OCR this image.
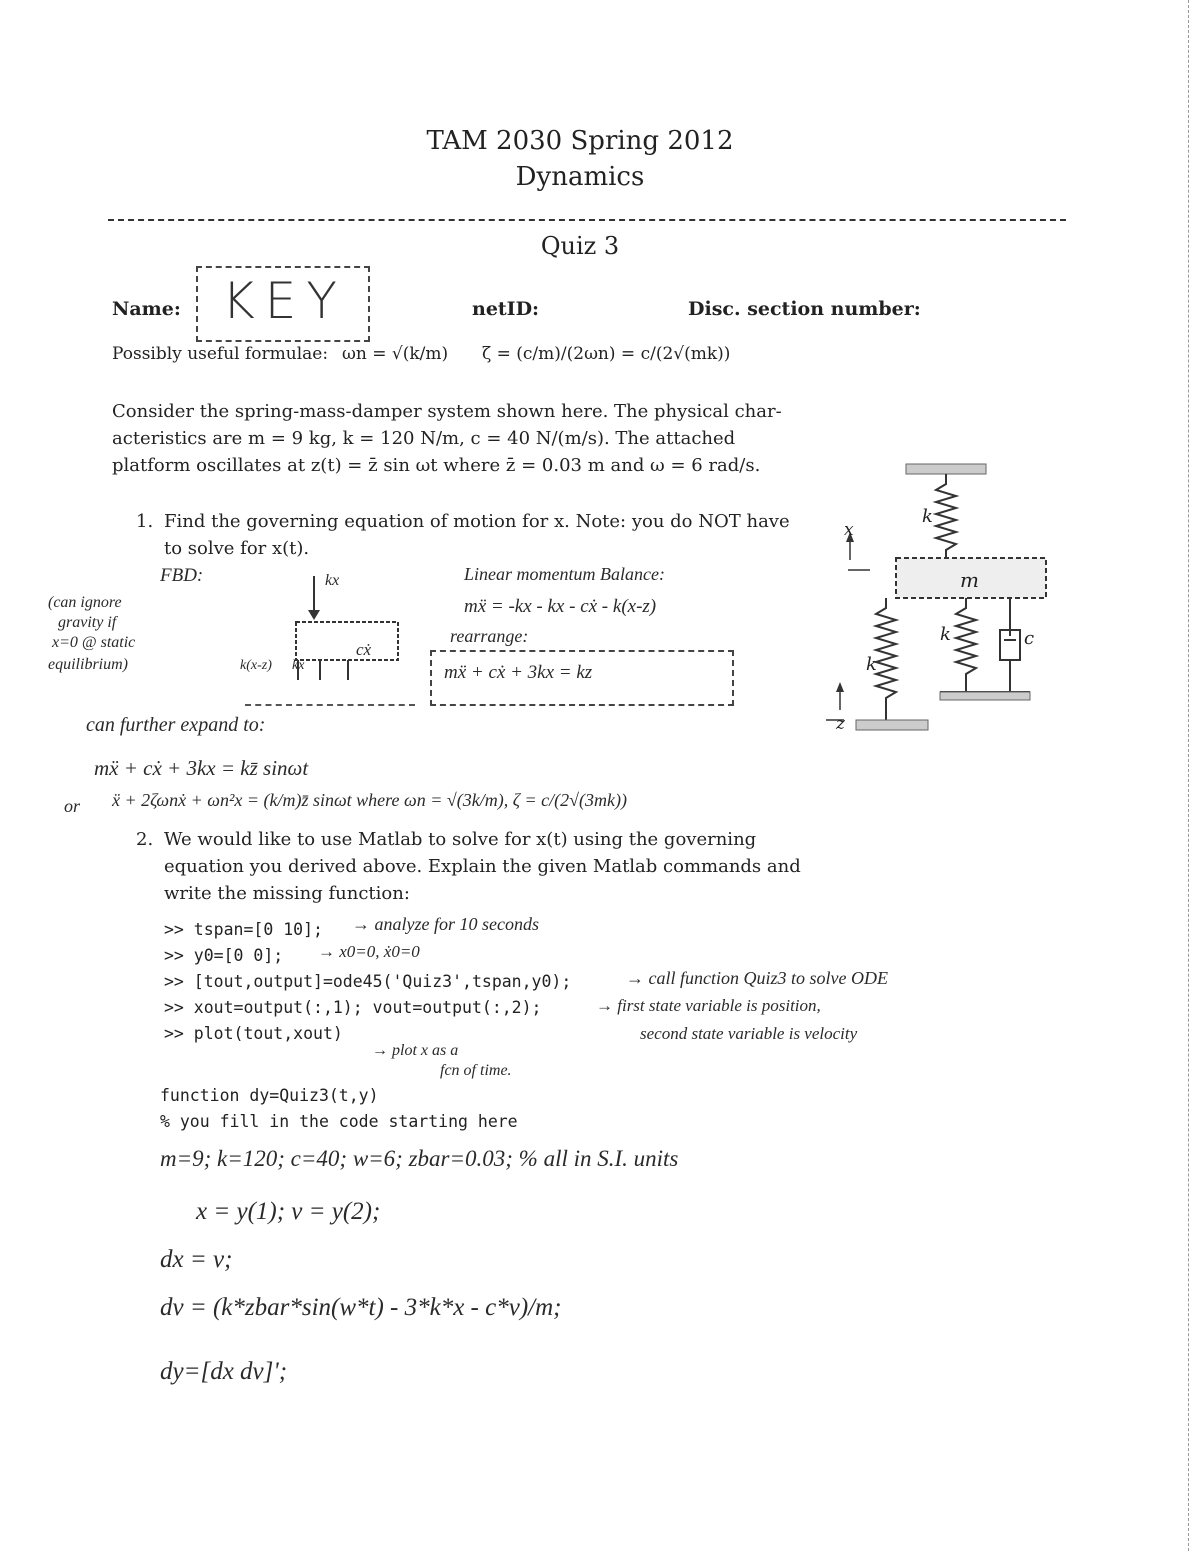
TAM 2030 Spring 2012
Dynamics
Quiz 3
Name: KEY	netID:	Disc. section number:
Possibly useful formulae: ωn = √(k/m) ζ = (c/m)/(2ωn) = c/(2√(mk))
Consider the spring-mass-damper system shown here. The physical char-
acteristics are m = 9 kg, k = 120 N/m, c = 40 N/(m/s). The attached
platform oscillates at z(t) = z̄ sin ωt where z̄ = 0.03 m and ω = 6 rad/s.
1. Find the governing equation of motion for x. Note: you do NOT have
to solve for x(t).
FBD:	kx
k(x-z) kx
cẋ
(can ignore
gravity if
x=0 @ static
equilibrium)
Linear momentum Balance:
mẍ = -kx - kx - cẋ - k(x-z)
rearrange:
mẍ + cẋ + 3kx = kz
can further expand to:
mẍ + cẋ + 3kx = kz̄ sinωt
or ẍ + 2ζωnẋ + ωn²x = (k/m)z̄ sinωt where ωn = √(3k/m), ζ = c/(2√(3mk))
k
x
m
k
k	c
z
2. We would like to use Matlab to solve for x(t) using the governing
equation you derived above. Explain the given Matlab commands and
write the missing function:
>> tspan=[0 10]; → analyze for 10 seconds
>> y0=[0 0]; → x0=0, ẋ0=0
>> [tout,output]=ode45('Quiz3',tspan,y0);	→ call function Quiz3 to solve ODE
>> xout=output(:,1); vout=output(:,2);	→ first state variable is position,
>> plot(tout,xout)	second state variable is velocity
→ plot x as a
fcn of time.
function dy=Quiz3(t,y)
% you fill in the code starting here
m=9; k=120; c=40; w=6; zbar=0.03; % all in S.I. units
x = y(1); v = y(2);
dx = v;
dv = (k*zbar*sin(w*t) - 3*k*x - c*v)/m;
dy=[dx dv]';
